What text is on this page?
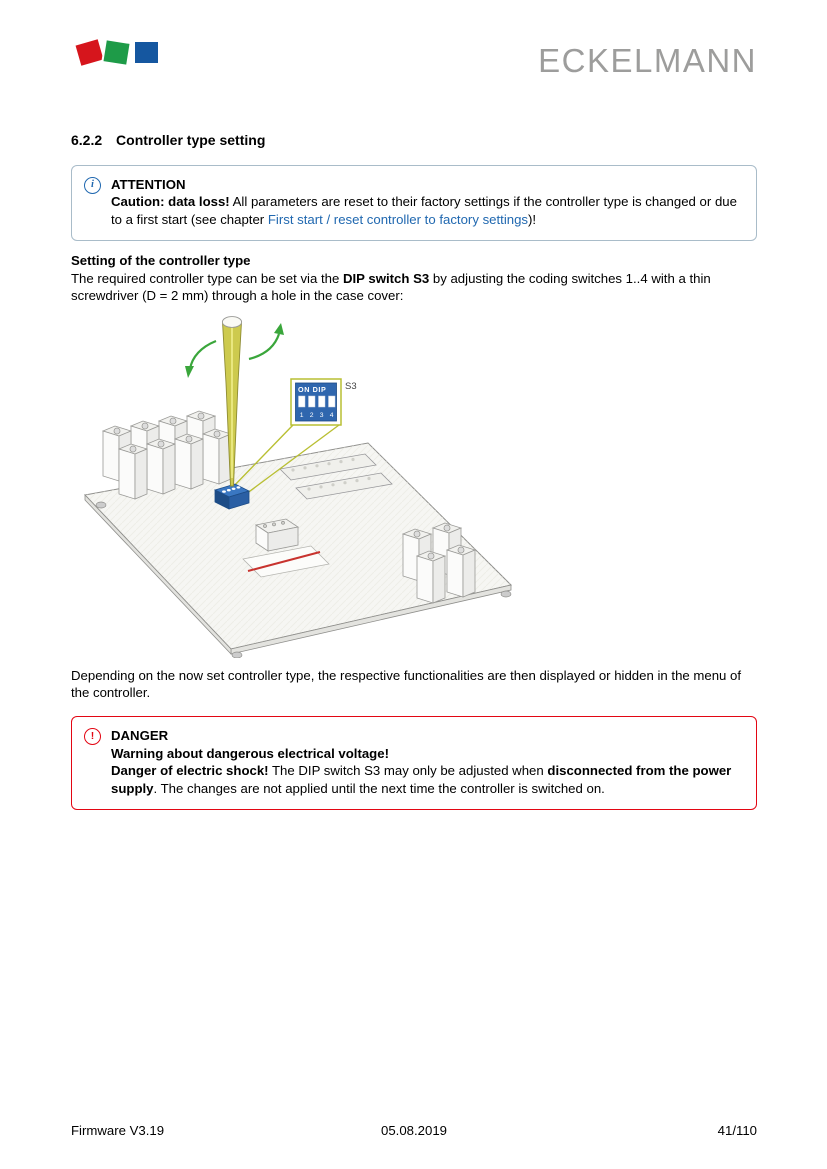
ECKELMANN
6.2.2 Controller type setting
i	ATTENTION

Caution: data loss! All parameters are reset to their factory settings if the controller type is changed or due to a first start (see chapter First start / reset controller to factory settings)!

Setting of the controller type

The required controller type can be set via the DIP switch S3 by adjusting the coding switches 1..4 with a thin screwdriver (D = 2 mm) through a hole in the case cover:

ON DIP
1 2 3 4
S3

Depending on the now set controller type, the respective functionalities are then displayed or hidden in the menu of the controller.

!	DANGER

Warning about dangerous electrical voltage!

Danger of electric shock! The DIP switch S3 may only be adjusted when disconnected from the power supply. The changes are not applied until the next time the controller is switched on.

Firmware V3.19	05.08.2019	41/110
